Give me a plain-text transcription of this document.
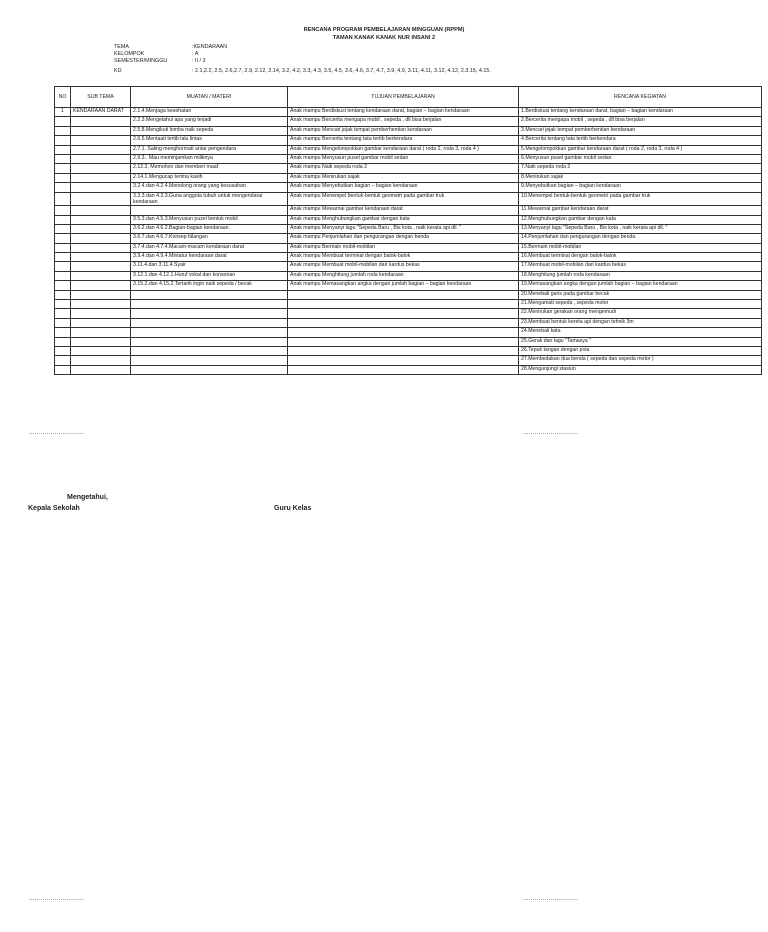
RENCANA PROGRAM PEMBELAJARAN MINGGUAN (RPPM)
TAMAN KANAK KANAK NUR INSANI 2
TEMA	:KENDARAAN
KELOMPOK	: A
SEMESTER/MINGGU	: II / 3
KD	: 2.1,2.2, 2.5, 2.6,2.7, 2.9, 2.12, 2.14, 3.2, 4.2, 3.3, 4.3, 3.5, 4.5, 3.6, 4.6, 3.7, 4.7, 3.9, 4.9, 3.11, 4.11, 3.12, 4.12, 2.3.15, 4.15.
NO	SUB TEMA	MUATAN / MATERI	TUJUAN PEMBELAJARAN	RENCANA KEGIATAN
1	KENDARAAN DARAT	2.1.4.Menjaga kesehatan	Anak mampu Berdiskusi tentang kendaraan darat, bagian – bagian kendaraan	1.Berdiskusi tentang kendaraan darat, bagian – bagian kendaraan
		2.2.3.Mengetahui apa yang terjadi	Anak mampu Bercerita mengapa mobil , sepeda , dll bisa berjalan	2.Bercerita mengapa mobil , sepeda , dll bisa berjalan
		2.5.8.Mengikuti lomba naik sepeda	Anak mampu Mencari jejak tempat pemberhentian kendaraan	3.Mencari jejak tempat pemberhentian kendaraan
		2.6.5.Mentaati tertib lalu lintas	Anak mampu Bercerita tentang tata tertib berkendara	4.Bercerita tentang tata tertib berkendara
		2.7.1. Saling menghormati antar pengendara	Anak mampu Mengelompokkan gambar kendaraan darat ( roda 2, roda 3, roda 4 )	5.Mengelompokkan gambar kendaraan darat ( roda 2, roda 3, roda 4 )
		2.9.3.. Mau meminjamkan miliknya	Anak mampu Menyusun pusel gambar mobil sedan	6.Menyusun pusel gambar mobil sedan
		2.12.2. Memohon dan memberi maaf	Anak mampu Naik sepeda roda 2	7.Naik sepeda roda 2
		2.14.1.Mengucap terima kasih	Anak mampu Menirukan sajak	8.Menirukan sajak
		3.2.4.dan 4.2.4.Menolong orang yang kesusahan	Anak mampu Menyebutkan bagian – bagian kendaraan	9.Menyebutkan bagian – bagian kendaraan
		3.3.3.dan 4.3.3.Guna anggota tubuh untuk mengendarai kendaraan	Anak mampu Menempel bentuk-bentuk geometri pada gambar truk	10.Menempel bentuk-bentuk geometri pada gambar truk
			Anak mampu Mewarnai gambar kendaraan darat	11.Mewarnai gambar kendaraan darat
		3.5.3.dan 4.5.3.Menyusun puzel bentuk mobil	Anak mampu Menghubungkan gambar dengan kata	12.Menghubungkan gambar dengan kata
		3.6.2.dan 4.6.2.Bagian-bagian kendaraan.	Anak mampu Menyanyi lagu "Sepeda Baru , Bis kota , naik kerata api dll. "	13.Menyanyi lagu "Sepeda Baru , Bis kota , naik kerata api dll. "
		3.6.7.dan 4.6.7.Konsep bilangan	Anak mampu Penjumlahan dan pengurangan dengan benda	14.Penjumlahan dan pengurangan dengan benda
		3.7.4.dan 4.7.4.Macam-macam kendaraan darat	Anak mampu Bermain mobil-mobilan	15.Bermain mobil-mobilan
		3.9.4.dan 4.9.4.Miniatur kendaraan darat	Anak mampu Membuat terminal dengan balok-balok	16.Membuat terminal dengan balok-balok
		3.11.4.dan 3.11.4.Syair	Anak mampu Membuat mobil-mobilan dari kardus bekas	17.Membuat mobil-mobilan dari kardus bekas
		3.12.1.dan 4.12.1.Huruf vokal dan konsonan	Anak mampu Menghitung jumlah roda kendaraan	18.Menghitung jumlah roda kendaraan
		3.15.2.dan 4.15.2.Tertarik ingin naik sepeda / becak	Anak mampu Memasangkan angka dengan jumlah bagian – bagian kendaraan	19.Memasangkan angka dengan jumlah bagian – bagian kendaraan
				20.Menebali garis pada gambar becak
				21.Mengamati sepeda , sepeda motor
				22.Menirukan gerakan orang mengemudi
				23.Membuat bentuk kereta api dengan tehnik 3m
				24.Menebali kata
				25.Gerak dan lagu "Tamasya "
				26.Tepuk tangan dengan pola
				27.Membedakan dua benda ( sepeda dan sepeda motor )
				28.Mengunjungi stasiun
............................	............................
Mengetahui,
Kepala Sekolah	Guru Kelas
............................	............................
